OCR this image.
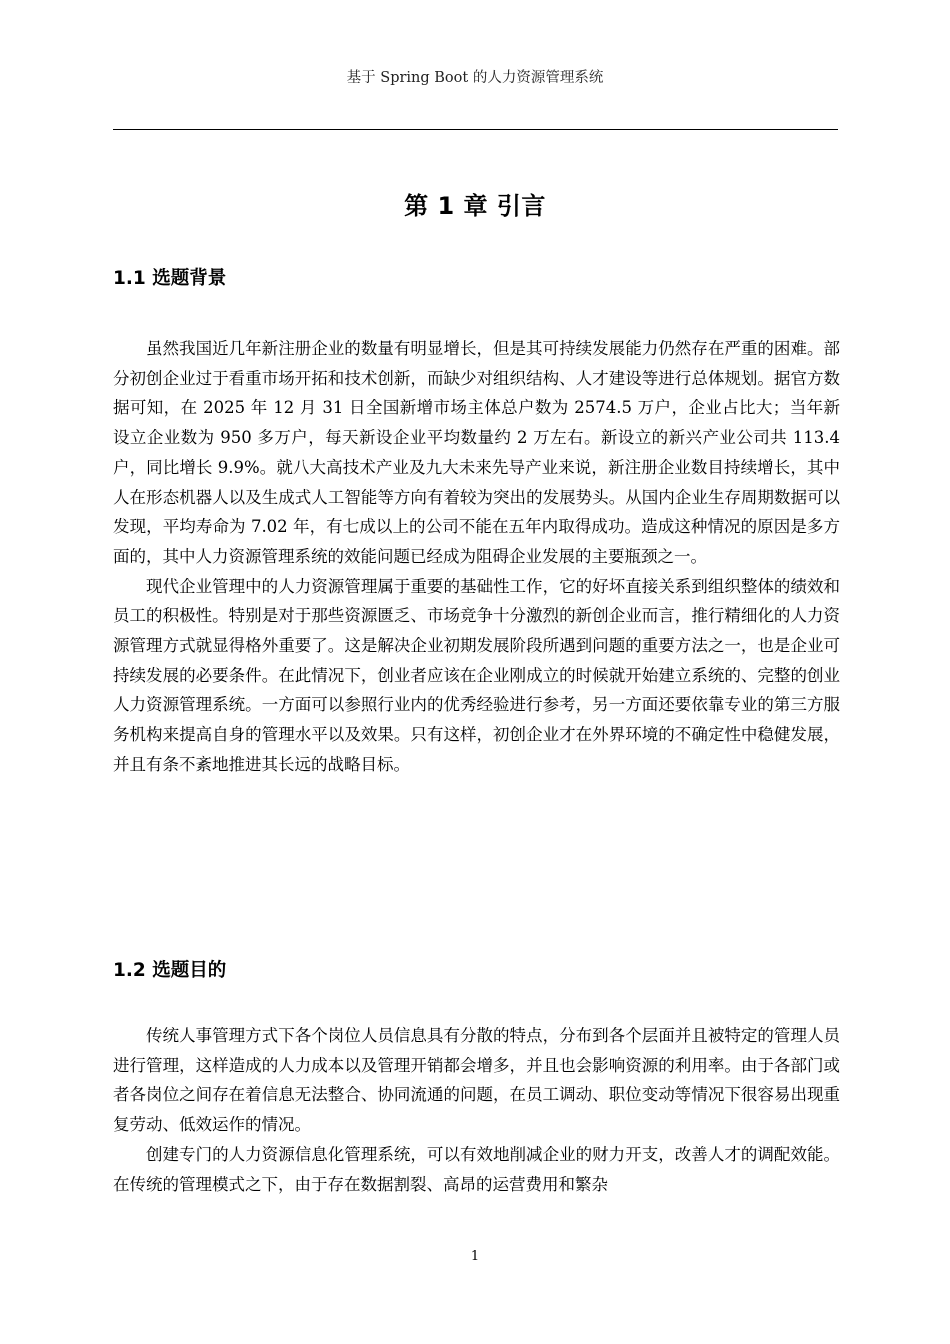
基于 Spring Boot 的人力资源管理系统
第 1 章 引言
1.1 选题背景

虽然我国近几年新注册企业的数量有明显增长，但是其可持续发展能力仍然存在严重的困难。部分初创企业过于看重市场开拓和技术创新，而缺少对组织结构、人才建设等进行总体规划。据官方数据可知，在 2025 年 12 月 31 日全国新增市场主体总户数为 2574.5 万户，企业占比大；当年新设立企业数为 950 多万户，每天新设企业平均数量约 2 万左右。新设立的新兴产业公司共 113.4 户，同比增长 9.9%。就八大高技术产业及九大未来先导产业来说，新注册企业数目持续增长，其中人在形态机器人以及生成式人工智能等方向有着较为突出的发展势头。从国内企业生存周期数据可以发现，平均寿命为 7.02 年，有七成以上的公司不能在五年内取得成功。造成这种情况的原因是多方面的，其中人力资源管理系统的效能问题已经成为阻碍企业发展的主要瓶颈之一。

现代企业管理中的人力资源管理属于重要的基础性工作，它的好坏直接关系到组织整体的绩效和员工的积极性。特别是对于那些资源匮乏、市场竞争十分激烈的新创企业而言，推行精细化的人力资源管理方式就显得格外重要了。这是解决企业初期发展阶段所遇到问题的重要方法之一，也是企业可持续发展的必要条件。在此情况下，创业者应该在企业刚成立的时候就开始建立系统的、完整的创业人力资源管理系统。一方面可以参照行业内的优秀经验进行参考，另一方面还要依靠专业的第三方服务机构来提高自身的管理水平以及效果。只有这样，初创企业才在外界环境的不确定性中稳健发展，并且有条不紊地推进其长远的战略目标。

1.2 选题目的

传统人事管理方式下各个岗位人员信息具有分散的特点，分布到各个层面并且被特定的管理人员进行管理，这样造成的人力成本以及管理开销都会增多，并且也会影响资源的利用率。由于各部门或者各岗位之间存在着信息无法整合、协同流通的问题，在员工调动、职位变动等情况下很容易出现重复劳动、低效运作的情况。

创建专门的人力资源信息化管理系统，可以有效地削减企业的财力开支，改善人才的调配效能。在传统的管理模式之下，由于存在数据割裂、高昂的运营费用和繁杂

1
